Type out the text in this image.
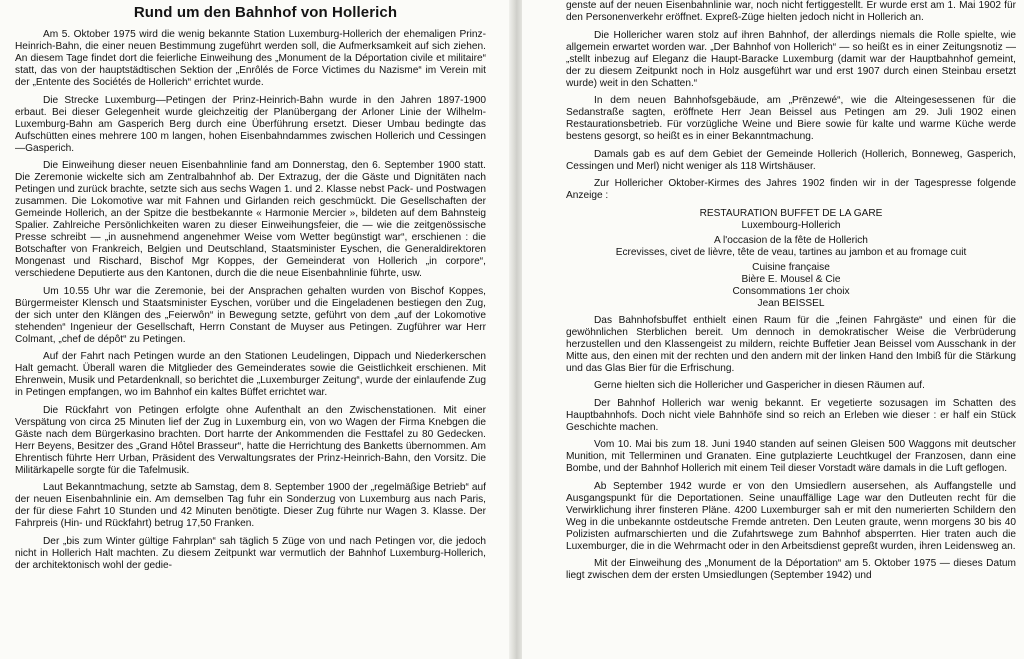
Rund um den Bahnhof von Hollerich

Am 5. Oktober 1975 wird die wenig bekannte Station Luxemburg-Hollerich der ehemaligen Prinz-Heinrich-Bahn, die einer neuen Bestimmung zugeführt werden soll, die Aufmerksamkeit auf sich ziehen. An diesem Tage findet dort die feierliche Einweihung des „Monument de la Déportation civile et militaire“ statt, das von der hauptstädtischen Sektion der „Enrôlés de Force Victimes du Nazisme“ im Verein mit der „Entente des Sociétés de Hollerich“ errichtet wurde.

Die Strecke Luxemburg—Petingen der Prinz-Heinrich-Bahn wurde in den Jahren 1897-1900 erbaut. Bei dieser Gelegenheit wurde gleichzeitig der Planübergang der Arloner Linie der Wilhelm-Luxemburg-Bahn am Gasperich Berg durch eine Überführung ersetzt. Dieser Umbau bedingte das Aufschütten eines mehrere 100 m langen, hohen Eisenbahndammes zwischen Hollerich und Cessingen—Gasperich.

Die Einweihung dieser neuen Eisenbahnlinie fand am Donnerstag, den 6. September 1900 statt. Die Zeremonie wickelte sich am Zentralbahnhof ab. Der Extrazug, der die Gäste und Dignitäten nach Petingen und zurück brachte, setzte sich aus sechs Wagen 1. und 2. Klasse nebst Pack- und Postwagen zusammen. Die Lokomotive war mit Fahnen und Girlanden reich geschmückt. Die Gesellschaften der Gemeinde Hollerich, an der Spitze die bestbekannte « Harmonie Mercier », bildeten auf dem Bahnsteig Spalier. Zahlreiche Persönlichkeiten waren zu dieser Einweihungsfeier, die — wie die zeitgenössische Presse schreibt — „in ausnehmend angenehmer Weise vom Wetter begünstigt war“, erschienen : die Botschafter von Frankreich, Belgien und Deutschland, Staatsminister Eyschen, die Generaldirektoren Mongenast und Rischard, Bischof Mgr Koppes, der Gemeinderat von Hollerich „in corpore“, verschiedene Deputierte aus den Kantonen, durch die die neue Eisenbahnlinie führte, usw.

Um 10.55 Uhr war die Zeremonie, bei der Ansprachen gehalten wurden von Bischof Koppes, Bürgermeister Klensch und Staatsminister Eyschen, vorüber und die Eingeladenen bestiegen den Zug, der sich unter den Klängen des „Feierwôn“ in Bewegung setzte, geführt von dem „auf der Lokomotive stehenden“ Ingenieur der Gesellschaft, Herrn Constant de Muyser aus Petingen. Zugführer war Herr Colmant, „chef de dépôt“ zu Petingen.

Auf der Fahrt nach Petingen wurde an den Stationen Leudelingen, Dippach und Niederkerschen Halt gemacht. Überall waren die Mitglieder des Gemeinderates sowie die Geistlichkeit erschienen. Mit Ehrenwein, Musik und Petardenknall, so berichtet die „Luxemburger Zeitung“, wurde der einlaufende Zug in Petingen empfangen, wo im Bahnhof ein kaltes Büffet errichtet war.

Die Rückfahrt von Petingen erfolgte ohne Aufenthalt an den Zwischenstationen. Mit einer Verspätung von circa 25 Minuten lief der Zug in Luxemburg ein, von wo Wagen der Firma Knebgen die Gäste nach dem Bürgerkasino brachten. Dort harrte der Ankommenden die Festtafel zu 80 Gedecken. Herr Beyens, Besitzer des „Grand Hôtel Brasseur“, hatte die Herrichtung des Banketts übernommen. Am Ehrentisch führte Herr Urban, Präsident des Verwaltungsrates der Prinz-Heinrich-Bahn, den Vorsitz. Die Militärkapelle sorgte für die Tafelmusik.

Laut Bekanntmachung, setzte ab Samstag, dem 8. September 1900 der „regelmäßige Betrieb“ auf der neuen Eisenbahnlinie ein. Am demselben Tag fuhr ein Sonderzug von Luxemburg aus nach Paris, der für diese Fahrt 10 Stunden und 42 Minuten benötigte. Dieser Zug führte nur Wagen 3. Klasse. Der Fahrpreis (Hin- und Rückfahrt) betrug 17,50 Franken.

Der „bis zum Winter gültige Fahrplan“ sah täglich 5 Züge von und nach Petingen vor, die jedoch nicht in Hollerich Halt machten. Zu diesem Zeitpunkt war vermutlich der Bahnhof Luxemburg-Hollerich, der architektonisch wohl der gedie-

genste auf der neuen Eisenbahnlinie war, noch nicht fertiggestellt. Er wurde erst am 1. Mai 1902 für den Personenverkehr eröffnet. Expreß-Züge hielten jedoch nicht in Hollerich an.

Die Hollericher waren stolz auf ihren Bahnhof, der allerdings niemals die Rolle spielte, wie allgemein erwartet worden war. „Der Bahnhof von Hollerich“ — so heißt es in einer Zeitungsnotiz — „stellt inbezug auf Eleganz die Haupt-Baracke Luxemburg (damit war der Hauptbahnhof gemeint, der zu diesem Zeitpunkt noch in Holz ausgeführt war und erst 1907 durch einen Steinbau ersetzt wurde) weit in den Schatten.“

In dem neuen Bahnhofsgebäude, am „Prënzewé“, wie die Alteingesessenen für die Sedanstraße sagten, eröffnete Herr Jean Beissel aus Petingen am 29. Juli 1902 einen Restaurationsbetrieb. Für vorzügliche Weine und Biere sowie für kalte und warme Küche werde bestens gesorgt, so heißt es in einer Bekanntmachung.

Damals gab es auf dem Gebiet der Gemeinde Hollerich (Hollerich, Bonneweg, Gasperich, Cessingen und Merl) nicht weniger als 118 Wirtshäuser.

Zur Hollericher Oktober-Kirmes des Jahres 1902 finden wir in der Tagespresse folgende Anzeige :

RESTAURATION BUFFET DE LA GARE
Luxembourg-Hollerich
A l'occasion de la fête de Hollerich
Ecrevisses, civet de lièvre, tête de veau, tartines au jambon et au fromage cuit
Cuisine française
Bière E. Mousel & Cie
Consommations 1er choix
Jean BEISSEL

Das Bahnhofsbuffet enthielt einen Raum für die „feinen Fahrgäste“ und einen für die gewöhnlichen Sterblichen bereit. Um dennoch in demokratischer Weise die Verbrüderung herzustellen und den Klassengeist zu mildern, reichte Buffetier Jean Beissel vom Ausschank in der Mitte aus, den einen mit der rechten und den andern mit der linken Hand den Imbiß für die Stärkung und das Glas Bier für die Erfrischung.

Gerne hielten sich die Hollericher und Gaspericher in diesen Räumen auf.

Der Bahnhof Hollerich war wenig bekannt. Er vegetierte sozusagen im Schatten des Hauptbahnhofs. Doch nicht viele Bahnhöfe sind so reich an Erleben wie dieser : er half ein Stück Geschichte machen.

Vom 10. Mai bis zum 18. Juni 1940 standen auf seinen Gleisen 500 Waggons mit deutscher Munition, mit Tellerminen und Granaten. Eine gutplazierte Leuchtkugel der Franzosen, dann eine Bombe, und der Bahnhof Hollerich mit einem Teil dieser Vorstadt wäre damals in die Luft geflogen.

Ab September 1942 wurde er von den Umsiedlern ausersehen, als Auffangstelle und Ausgangspunkt für die Deportationen. Seine unauffällige Lage war den Dutleuten recht für die Verwirklichung ihrer finsteren Pläne. 4200 Luxemburger sah er mit den numerierten Schildern den Weg in die unbekannte ostdeutsche Fremde antreten. Den Leuten graute, wenn morgens 30 bis 40 Polizisten aufmarschierten und die Zufahrtswege zum Bahnhof absperrten. Hier traten auch die Luxemburger, die in die Wehrmacht oder in den Arbeitsdienst gepreßt wurden, ihren Leidensweg an.

Mit der Einweihung des „Monument de la Déportation“ am 5. Oktober 1975 — dieses Datum liegt zwischen dem der ersten Umsiedlungen (September 1942) und
